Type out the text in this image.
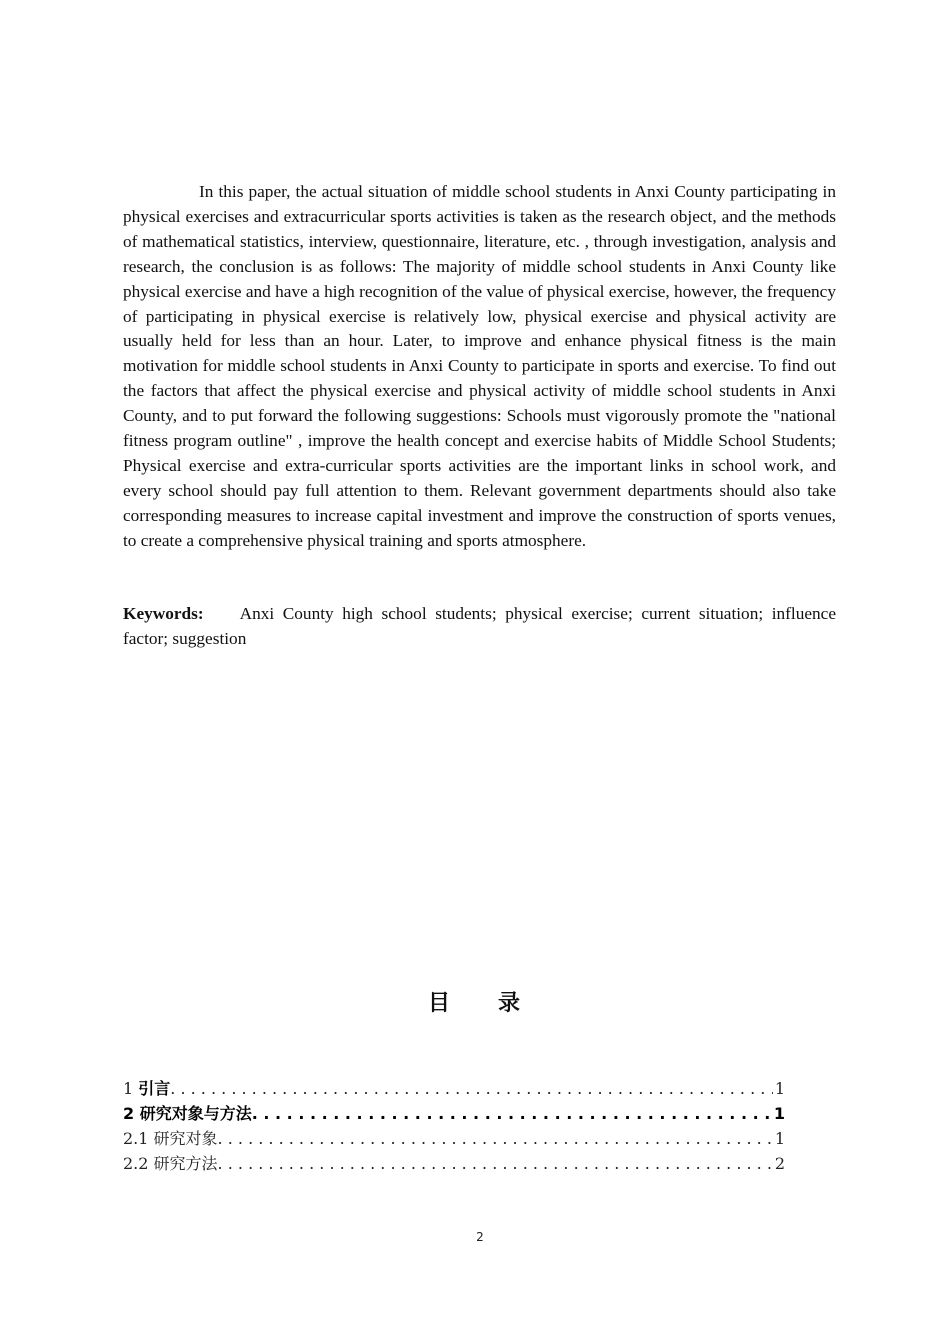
In this paper, the actual situation of middle school students in Anxi County participating in physical exercises and extracurricular sports activities is taken as the research object, and the methods of mathematical statistics, interview, questionnaire, literature, etc. , through investigation, analysis and research, the conclusion is as follows: The majority of middle school students in Anxi County like physical exercise and have a high recognition of the value of physical exercise, however, the frequency of participating in physical exercise is relatively low, physical exercise and physical activity are usually held for less than an hour. Later, to improve and enhance physical fitness is the main motivation for middle school students in Anxi County to participate in sports and exercise. To find out the factors that affect the physical exercise and physical activity of middle school students in Anxi County, and to put forward the following suggestions: Schools must vigorously promote the "national fitness program outline" , improve the health concept and exercise habits of Middle School Students; Physical exercise and extra-curricular sports activities are the important links in school work, and every school should pay full attention to them. Relevant government departments should also take corresponding measures to increase capital investment and improve the construction of sports venues, to create a comprehensive physical training and sports atmosphere.

Keywords: Anxi County high school students; physical exercise; current situation; influence factor; suggestion
目 录
1 引言 . . .	1
2 研究对象与方法 . . .	1
2.1 研究对象 . . .	1
2.2 研究方法 . . .	2
2
